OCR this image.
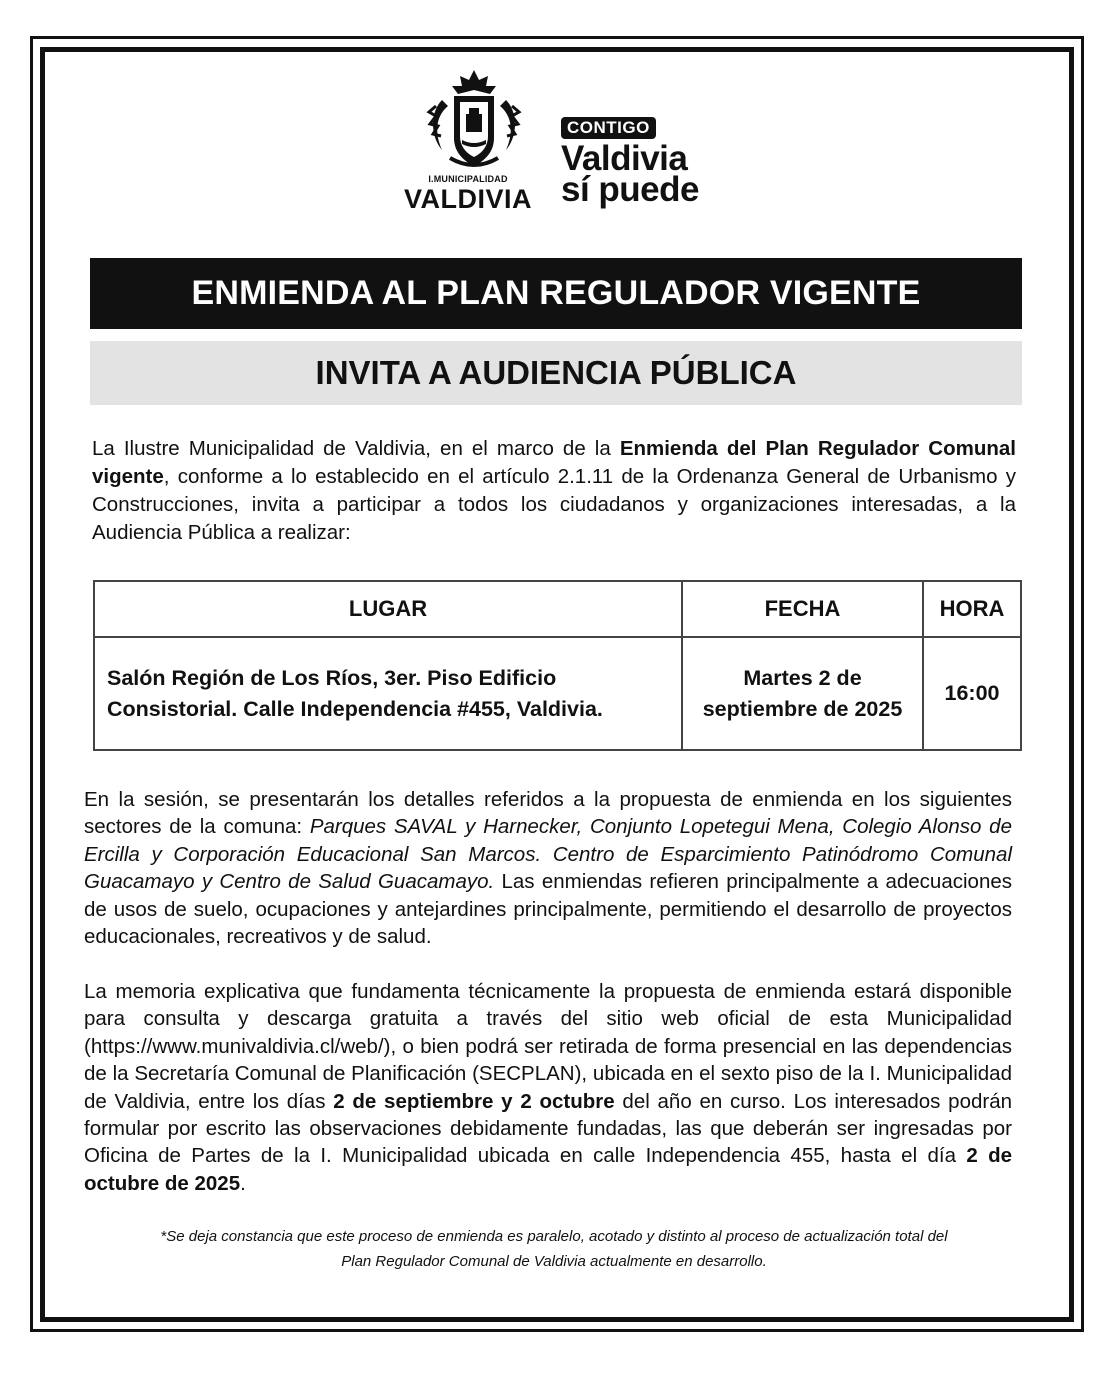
I.MUNICIPALIDAD
VALDIVIA
CONTIGO
Valdivia
sí puede
ENMIENDA AL PLAN REGULADOR VIGENTE
INVITA A AUDIENCIA PÚBLICA

La Ilustre Municipalidad de Valdivia, en el marco de la Enmienda del Plan Regulador Comunal vigente, conforme a lo establecido en el artículo 2.1.11 de la Ordenanza General de Urbanismo y Construcciones, invita a participar a todos los ciudadanos y organizaciones interesadas, a la Audiencia Pública a realizar:

LUGAR	FECHA	HORA
Salón Región de Los Ríos, 3er. Piso Edificio Consistorial. Calle Independencia #455, Valdivia.	Martes 2 de septiembre de 2025	16:00

En la sesión, se presentarán los detalles referidos a la propuesta de enmienda en los siguientes sectores de la comuna: Parques SAVAL y Harnecker, Conjunto Lopetegui Mena, Colegio Alonso de Ercilla y Corporación Educacional San Marcos. Centro de Esparcimiento Patinódromo Comunal Guacamayo y Centro de Salud Guacamayo. Las enmiendas refieren principalmente a adecuaciones de usos de suelo, ocupaciones y antejardines principalmente, permitiendo el desarrollo de proyectos educacionales, recreativos y de salud.

La memoria explicativa que fundamenta técnicamente la propuesta de enmienda estará disponible para consulta y descarga gratuita a través del sitio web oficial de esta Municipalidad (https://www.munivaldivia.cl/web/), o bien podrá ser retirada de forma presencial en las dependencias de la Secretaría Comunal de Planificación (SECPLAN), ubicada en el sexto piso de la I. Municipalidad de Valdivia, entre los días 2 de septiembre y 2 octubre del año en curso. Los interesados podrán formular por escrito las observaciones debidamente fundadas, las que deberán ser ingresadas por Oficina de Partes de la I. Municipalidad ubicada en calle Independencia 455, hasta el día 2 de octubre de 2025.

*Se deja constancia que este proceso de enmienda es paralelo, acotado y distinto al proceso de actualización total del
Plan Regulador Comunal de Valdivia actualmente en desarrollo.
